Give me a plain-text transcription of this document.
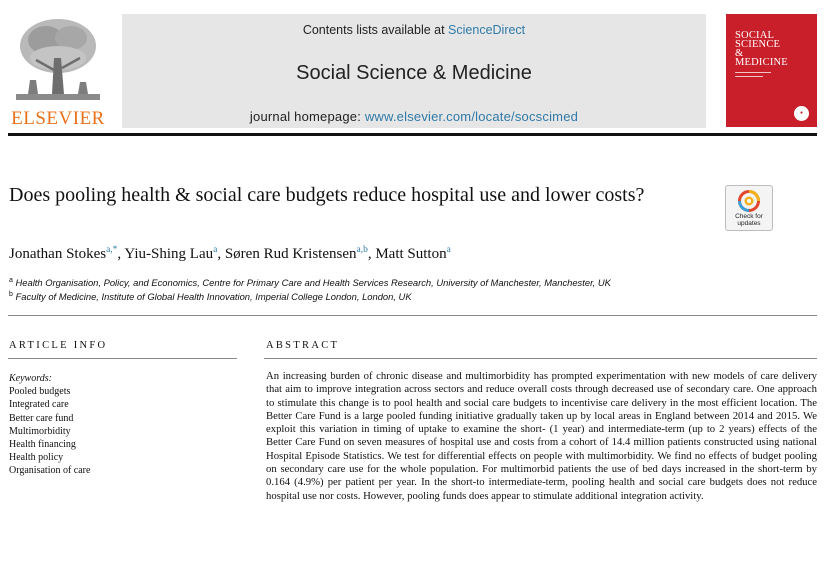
ELSEVIER
Contents lists available at ScienceDirect
Social Science & Medicine
journal homepage: www.elsevier.com/locate/socscimed
SOCIAL
SCIENCE
&
MEDICINE
●
Does pooling health & social care budgets reduce hospital use and lower costs?
Check for
updates
Jonathan Stokes$^{a,*}$, Yiu-Shing Lau$^a$, Søren Rud Kristensen$^{a,b}$, Matt Sutton$^a$
$^a$ Health Organisation, Policy, and Economics, Centre for Primary Care and Health Services Research, University of Manchester, Manchester, UK
$^b$ Faculty of Medicine, Institute of Global Health Innovation, Imperial College London, London, UK
ARTICLE INFO
Keywords:
Pooled budgets
Integrated care
Better care fund
Multimorbidity
Health financing
Health policy
Organisation of care
ABSTRACT
An increasing burden of chronic disease and multimorbidity has prompted experimentation with new models of care delivery that aim to improve integration across sectors and reduce overall costs through decreased use of secondary care. One approach to stimulate this change is to pool health and social care budgets to incentivise care delivery in the most efficient location. The Better Care Fund is a large pooled funding initiative gradually taken up by local areas in England between 2014 and 2015. We exploit this variation in timing of uptake to examine the short- (1 year) and intermediate-term (up to 2 years) effects of the Better Care Fund on seven measures of hospital use and costs from a cohort of 14.4 million patients constructed using national Hospital Episode Statistics. We test for differential effects on people with multimorbidity. We find no effects of budget pooling on secondary care use for the whole population. For multimorbid patients the use of bed days increased in the short-term by 0.164 (4.9%) per patient per year. In the short-to intermediate-term, pooling health and social care budgets does not reduce hospital use nor costs. However, pooling funds does appear to stimulate additional integration activity.
